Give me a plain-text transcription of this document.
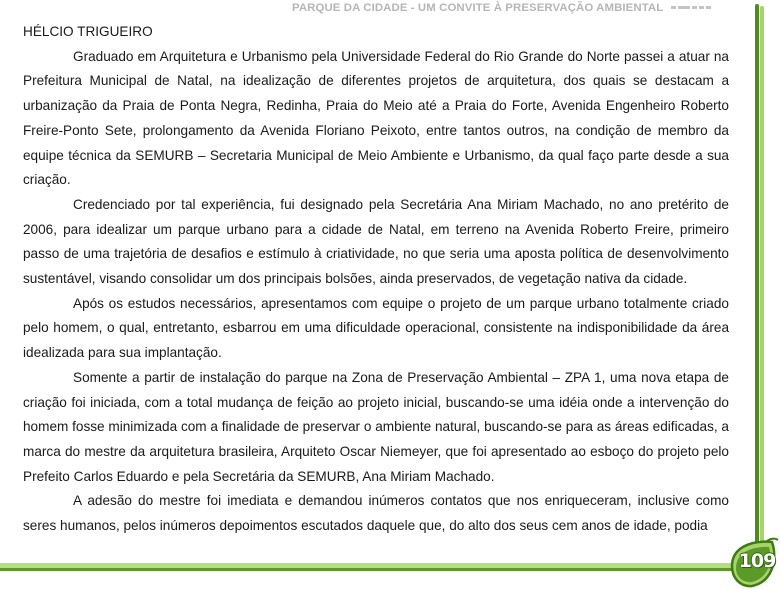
PARQUE DA CIDADE - UM CONVITE À PRESERVAÇÃO AMBIENTAL

HÉLCIO TRIGUEIRO

Graduado em Arquitetura e Urbanismo pela Universidade Federal do Rio Grande do Norte passei a atuar na Prefeitura Municipal de Natal, na idealização de diferentes projetos de arquitetura, dos quais se destacam a urbanização da Praia de Ponta Negra, Redinha, Praia do Meio até a Praia do Forte, Avenida Engenheiro Roberto Freire-Ponto Sete, prolongamento da Avenida Floriano Peixoto, entre tantos outros, na condição de membro da equipe técnica da SEMURB – Secretaria Municipal de Meio Ambiente e Urbanismo, da qual faço parte desde a sua criação.

Credenciado por tal experiência, fui designado pela Secretária Ana Miriam Machado, no ano pretérito de 2006, para idealizar um parque urbano para a cidade de Natal, em terreno na Avenida Roberto Freire, primeiro passo de uma trajetória de desafios e estímulo à criatividade, no que seria uma aposta política de desenvolvimento sustentável, visando consolidar um dos principais bolsões, ainda preservados, de vegetação nativa da cidade.

Após os estudos necessários, apresentamos com equipe o projeto de um parque urbano totalmente criado pelo homem, o qual, entretanto, esbarrou em uma dificuldade operacional, consistente na indisponibilidade da área idealizada para sua implantação.

Somente a partir de instalação do parque na Zona de Preservação Ambiental – ZPA 1, uma nova etapa de criação foi iniciada, com a total mudança de feição ao projeto inicial, buscando-se uma idéia onde a intervenção do homem fosse minimizada com a finalidade de preservar o ambiente natural, buscando-se para as áreas edificadas, a marca do mestre da arquitetura brasileira, Arquiteto Oscar Niemeyer, que foi apresentado ao esboço do projeto pelo Prefeito Carlos Eduardo e pela Secretária da SEMURB, Ana Miriam Machado.

A adesão do mestre foi imediata e demandou inúmeros contatos que nos enriqueceram, inclusive como seres humanos, pelos inúmeros depoimentos escutados daquele que, do alto dos seus cem anos de idade, podia

109
